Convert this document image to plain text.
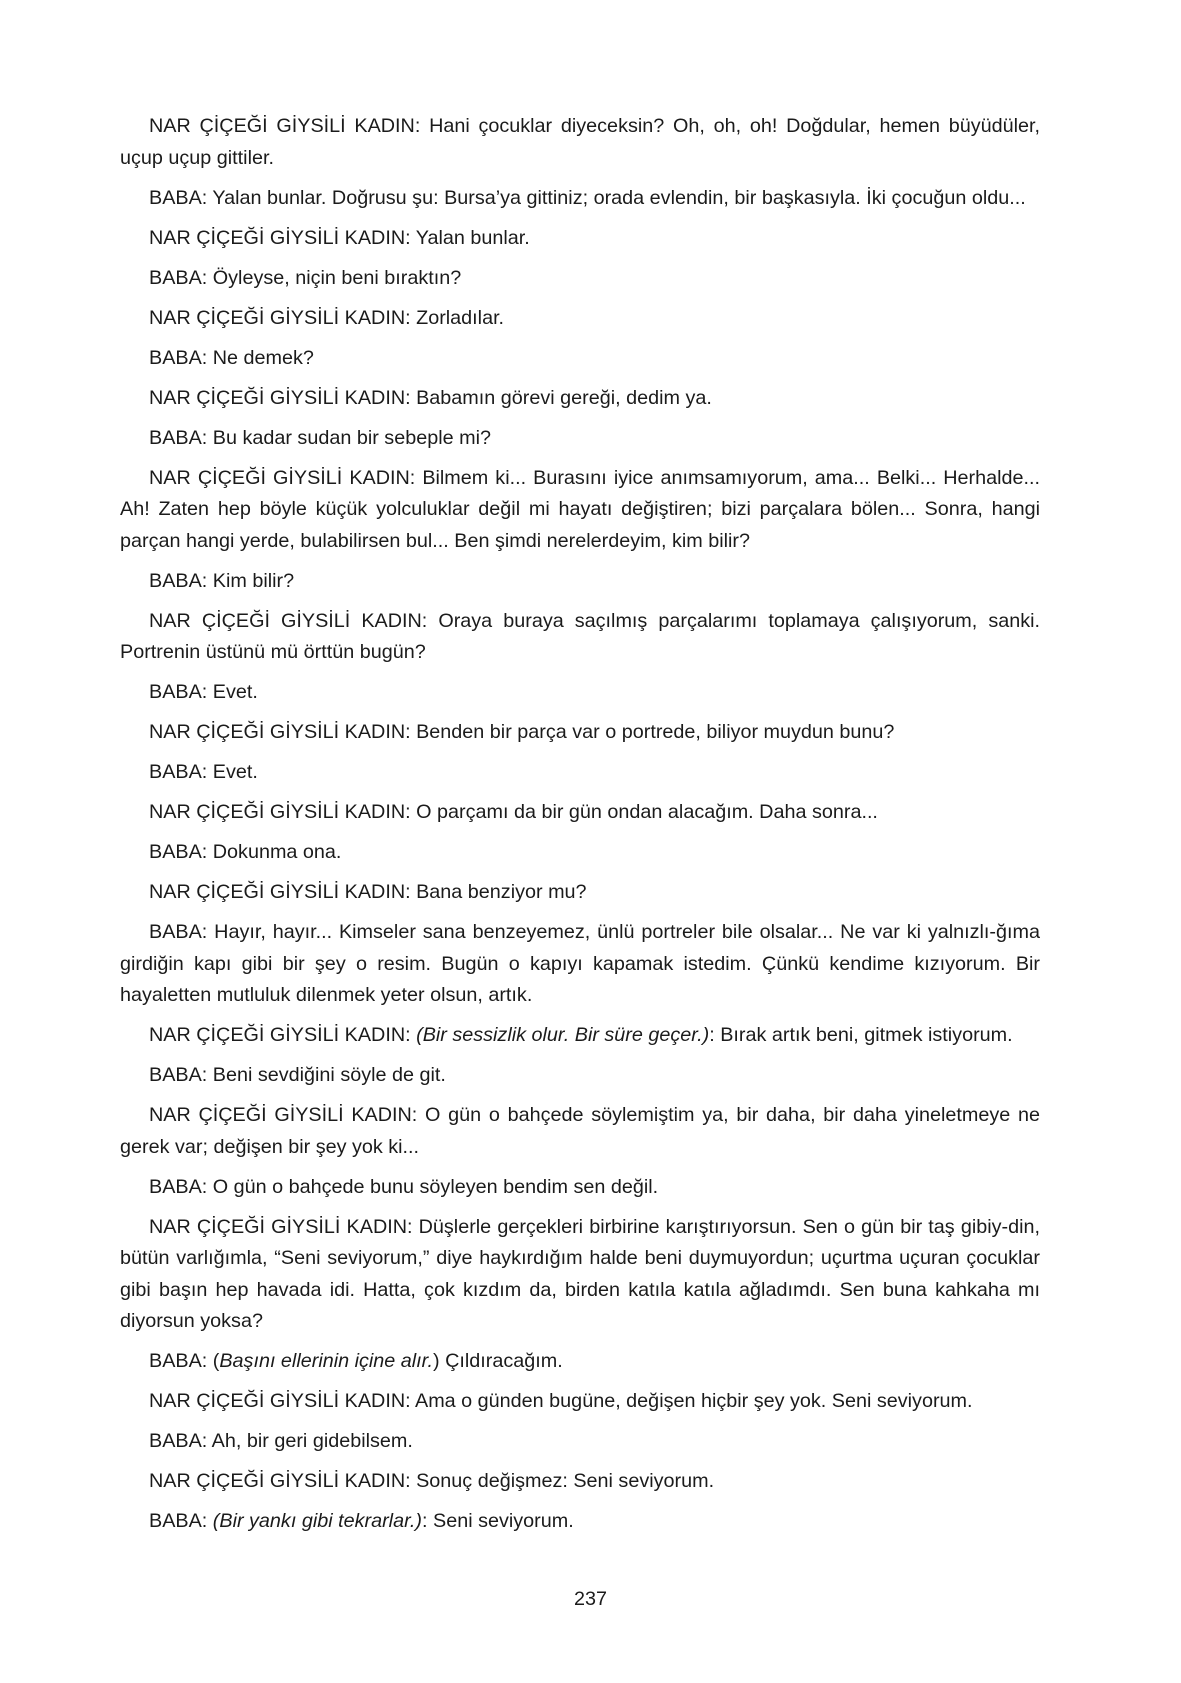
NAR ÇİÇEĞİ GİYSİLİ KADIN: Hani çocuklar diyeceksin? Oh, oh, oh! Doğdular, hemen büyüdüler, uçup uçup gittiler.

BABA: Yalan bunlar. Doğrusu şu: Bursa’ya gittiniz; orada evlendin, bir başkasıyla. İki çocuğun oldu...

NAR ÇİÇEĞİ GİYSİLİ KADIN: Yalan bunlar.

BABA: Öyleyse, niçin beni bıraktın?

NAR ÇİÇEĞİ GİYSİLİ KADIN: Zorladılar.

BABA: Ne demek?

NAR ÇİÇEĞİ GİYSİLİ KADIN: Babamın görevi gereği, dedim ya.

BABA: Bu kadar sudan bir sebeple mi?

NAR ÇİÇEĞİ GİYSİLİ KADIN: Bilmem ki... Burasını iyice anımsamıyorum, ama... Belki... Herhalde... Ah! Zaten hep böyle küçük yolculuklar değil mi hayatı değiştiren; bizi parçalara bölen... Sonra, hangi parçan hangi yerde, bulabilirsen bul... Ben şimdi nerelerdeyim, kim bilir?

BABA: Kim bilir?

NAR ÇİÇEĞİ GİYSİLİ KADIN: Oraya buraya saçılmış parçalarımı toplamaya çalışıyorum, sanki. Portrenin üstünü mü örttün bugün?

BABA: Evet.

NAR ÇİÇEĞİ GİYSİLİ KADIN: Benden bir parça var o portrede, biliyor muydun bunu?

BABA: Evet.

NAR ÇİÇEĞİ GİYSİLİ KADIN: O parçamı da bir gün ondan alacağım. Daha sonra...

BABA: Dokunma ona.

NAR ÇİÇEĞİ GİYSİLİ KADIN: Bana benziyor mu?

BABA: Hayır, hayır... Kimseler sana benzeyemez, ünlü portreler bile olsalar... Ne var ki yalnızlı-ğıma girdiğin kapı gibi bir şey o resim. Bugün o kapıyı kapamak istedim. Çünkü kendime kızıyorum. Bir hayaletten mutluluk dilenmek yeter olsun, artık.

NAR ÇİÇEĞİ GİYSİLİ KADIN: (Bir sessizlik olur. Bir süre geçer.): Bırak artık beni, gitmek istiyorum.

BABA: Beni sevdiğini söyle de git.

NAR ÇİÇEĞİ GİYSİLİ KADIN: O gün o bahçede söylemiştim ya, bir daha, bir daha yineletmeye ne gerek var; değişen bir şey yok ki...

BABA: O gün o bahçede bunu söyleyen bendim sen değil.

NAR ÇİÇEĞİ GİYSİLİ KADIN: Düşlerle gerçekleri birbirine karıştırıyorsun. Sen o gün bir taş gibiy-din, bütün varlığımla, “Seni seviyorum,” diye haykırdığım halde beni duymuyordun; uçurtma uçuran çocuklar gibi başın hep havada idi. Hatta, çok kızdım da, birden katıla katıla ağladımdı. Sen buna kahkaha mı diyorsun yoksa?

BABA: (Başını ellerinin içine alır.) Çıldıracağım.

NAR ÇİÇEĞİ GİYSİLİ KADIN: Ama o günden bugüne, değişen hiçbir şey yok. Seni seviyorum.

BABA: Ah, bir geri gidebilsem.

NAR ÇİÇEĞİ GİYSİLİ KADIN: Sonuç değişmez: Seni seviyorum.

BABA: (Bir yankı gibi tekrarlar.): Seni seviyorum.

237
